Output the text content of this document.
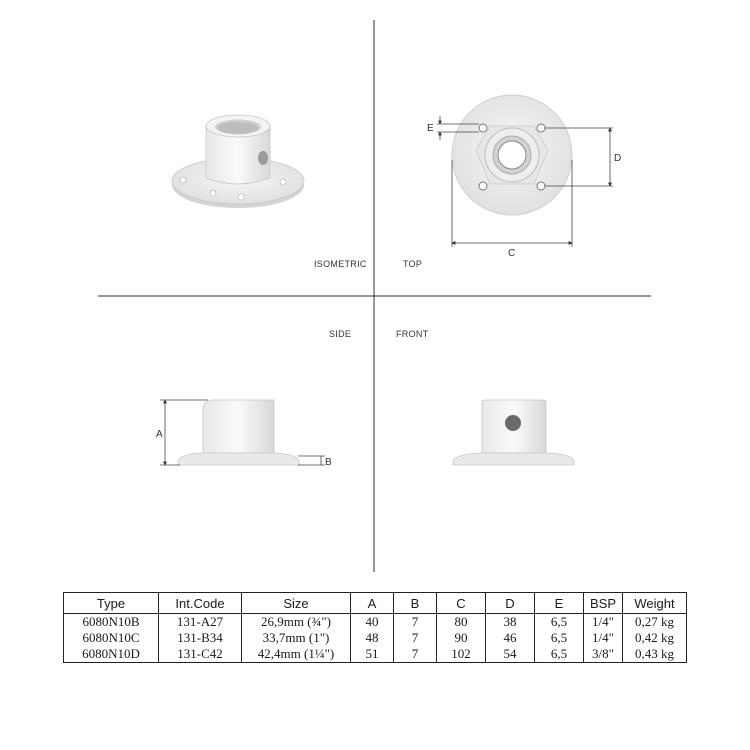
ISOMETRIC
E
D
C
TOP
SIDE
A
B
FRONT
Type	Int.Code	Size	A	B	C	D	E	BSP	Weight
6080N10B	131-A27	26,9mm (¾")	40	7	80	38	6,5	1/4"	0,27 kg
6080N10C	131-B34	33,7mm (1")	48	7	90	46	6,5	1/4"	0,42 kg
6080N10D	131-C42	42,4mm (1¼")	51	7	102	54	6,5	3/8"	0,43 kg
